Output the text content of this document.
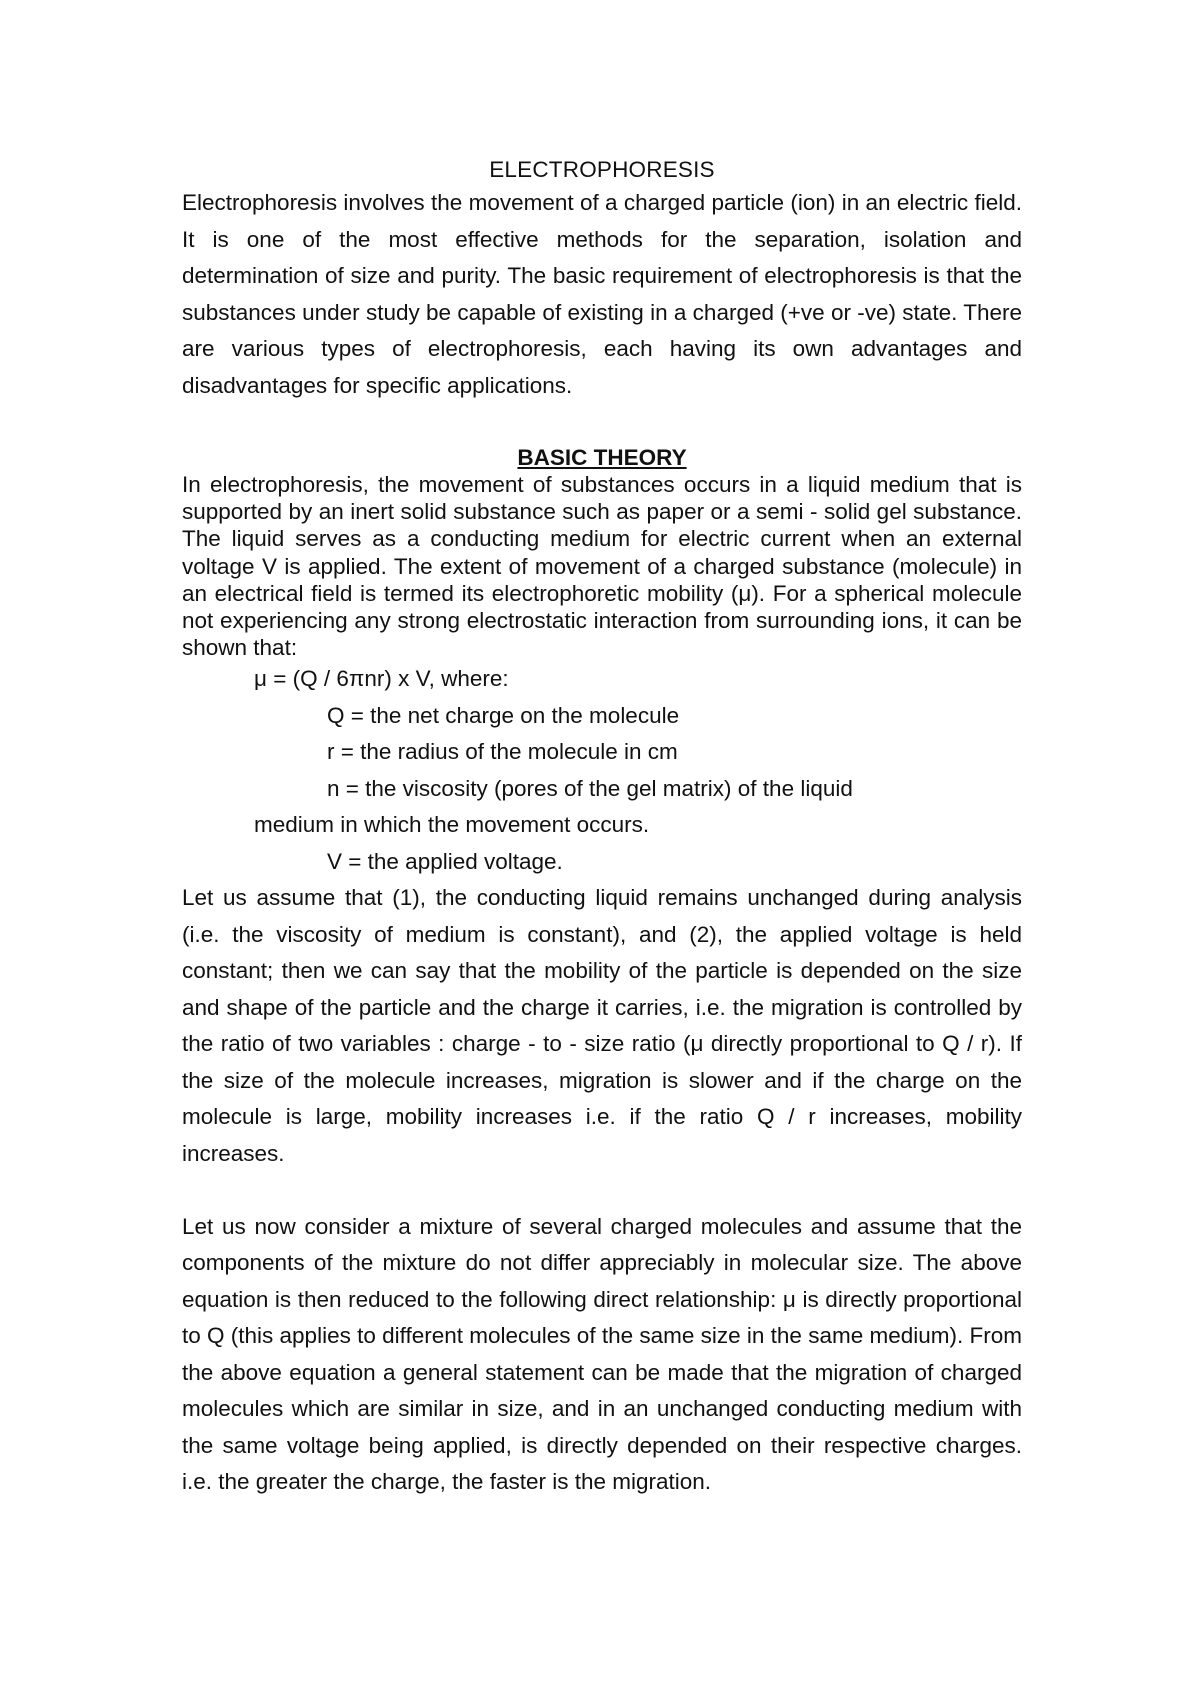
ELECTROPHORESIS

Electrophoresis involves the movement of a charged particle (ion) in an electric field. It is one of the most effective methods for the separation, isolation and determination of size and purity. The basic requirement of electrophoresis is that the substances under study be capable of existing in a charged (+ve or -ve) state. There are various types of electrophoresis, each having its own advantages and disadvantages for specific applications.

BASIC THEORY

In electrophoresis, the movement of substances occurs in a liquid medium that is supported by an inert solid substance such as paper or a semi - solid gel substance. The liquid serves as a conducting medium for electric current when an external voltage V is applied. The extent of movement of a charged substance (molecule) in an electrical field is termed its electrophoretic mobility (μ). For a spherical molecule not experiencing any strong electrostatic interaction from surrounding ions, it can be shown that:

μ = (Q / 6πnr) x V, where:

Q = the net charge on the molecule

r = the radius of the molecule in cm

n = the viscosity (pores of the gel matrix) of the liquid

medium in which the movement occurs.

V = the applied voltage.

Let us assume that (1), the conducting liquid remains unchanged during analysis (i.e. the viscosity of medium is constant), and (2), the applied voltage is held constant; then we can say that the mobility of the particle is depended on the size and shape of the particle and the charge it carries, i.e. the migration is controlled by the ratio of two variables : charge - to - size ratio (μ directly proportional to Q / r). If the size of the molecule increases, migration is slower and if the charge on the molecule is large, mobility increases i.e. if the ratio Q / r increases, mobility increases.

Let us now consider a mixture of several charged molecules and assume that the components of the mixture do not differ appreciably in molecular size. The above equation is then reduced to the following direct relationship: μ is directly proportional to Q (this applies to different molecules of the same size in the same medium). From the above equation a general statement can be made that the migration of charged molecules which are similar in size, and in an unchanged conducting medium with the same voltage being applied, is directly depended on their respective charges. i.e. the greater the charge, the faster is the migration.
